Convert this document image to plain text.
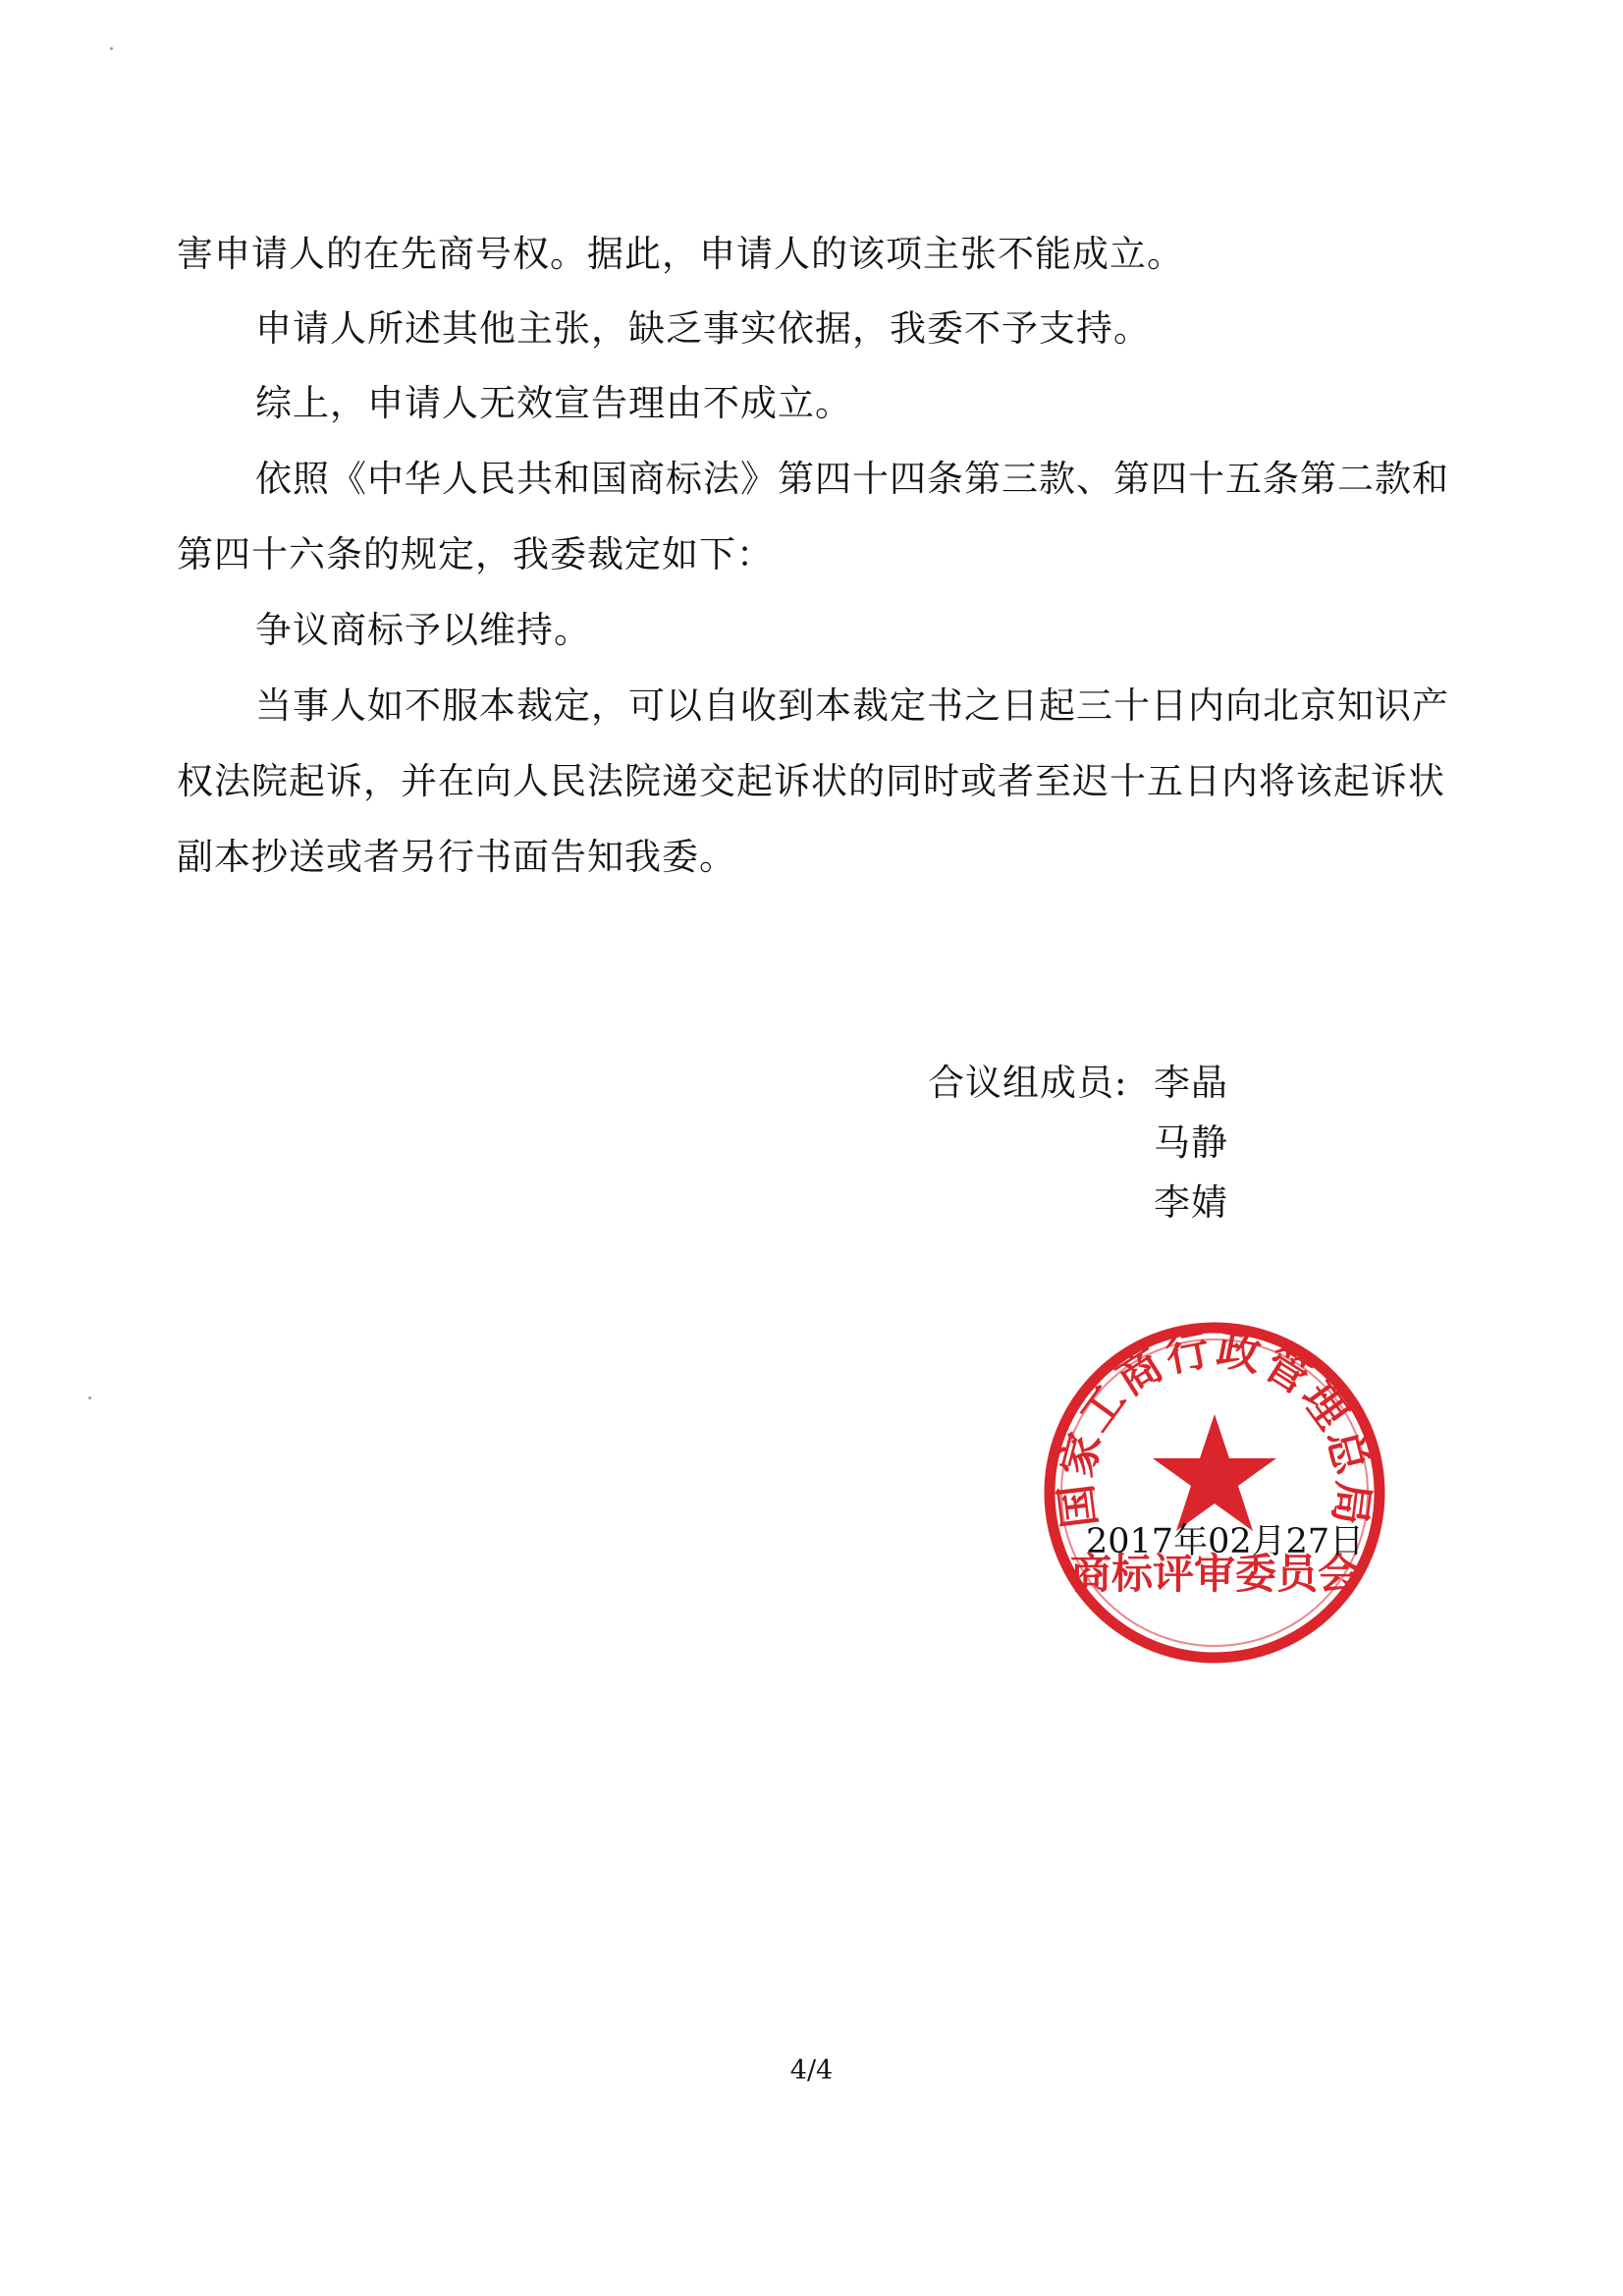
害申请人的在先商号权。据此，申请人的该项主张不能成立。

申请人所述其他主张，缺乏事实依据，我委不予支持。

综上，申请人无效宣告理由不成立。

依照《中华人民共和国商标法》第四十四条第三款、第四十五条第二款和第四十六条的规定，我委裁定如下：

争议商标予以维持。

当事人如不服本裁定，可以自收到本裁定书之日起三十日内向北京知识产权法院起诉，并在向人民法院递交起诉状的同时或者至迟十五日内将该起诉状副本抄送或者另行书面告知我委。

合议组成员: 李晶
马静
李婧
国家工商行政管理总局
商标评审委员会
2017年02月27日
4/4
